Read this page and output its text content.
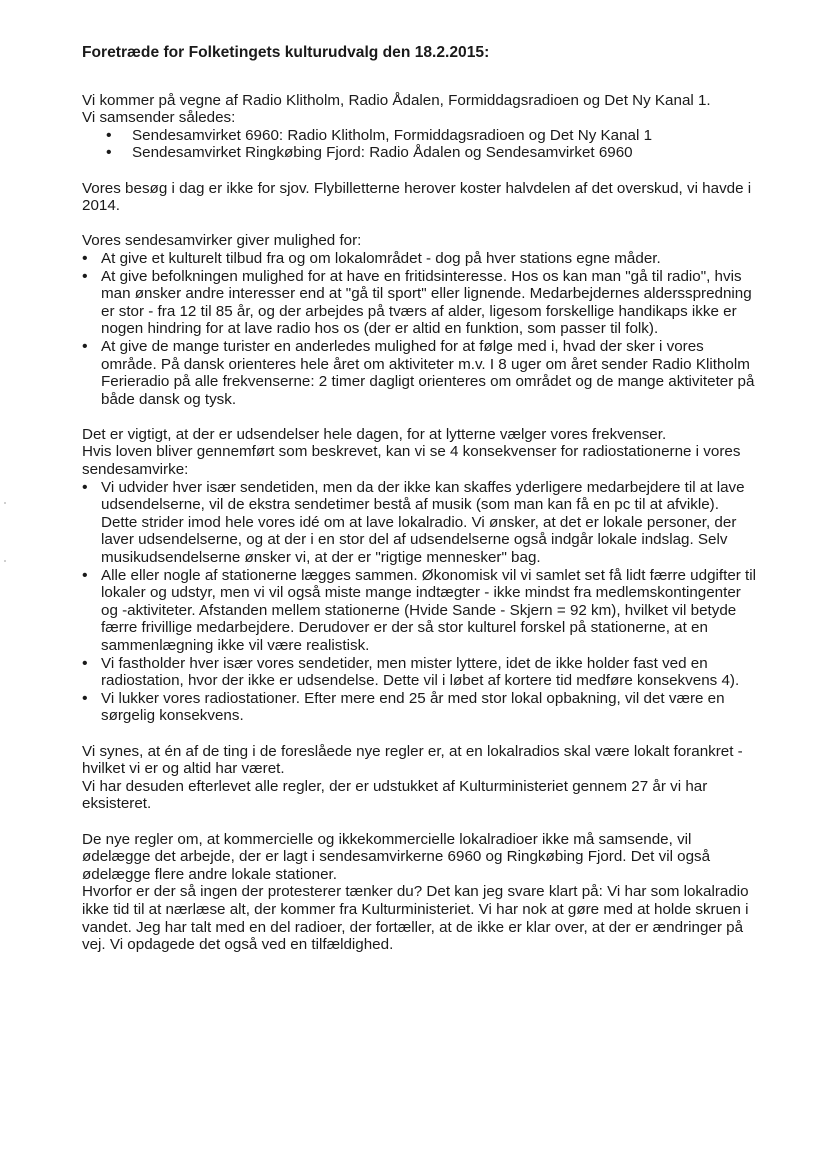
Foretræde for Folketingets kulturudvalg den 18.2.2015:

Vi kommer på vegne af Radio Klitholm, Radio Ådalen, Formiddagsradioen og Det Ny Kanal 1.

Vi samsender således:

• Sendesamvirket 6960: Radio Klitholm, Formiddagsradioen og Det Ny Kanal 1
• Sendesamvirket Ringkøbing Fjord: Radio Ådalen og Sendesamvirket 6960

Vores besøg i dag er ikke for sjov. Flybilletterne herover koster halvdelen af det overskud, vi havde i 2014.

Vores sendesamvirker giver mulighed for:

• At give et kulturelt tilbud fra og om lokalområdet - dog på hver stations egne måder.
• At give befolkningen mulighed for at have en fritidsinteresse. Hos os kan man "gå til radio", hvis man ønsker andre interesser end at "gå til sport" eller lignende. Medarbejdernes aldersspredning er stor - fra 12 til 85 år, og der arbejdes på tværs af alder, ligesom forskellige handikaps ikke er nogen hindring for at lave radio hos os (der er altid en funktion, som passer til folk).
• At give de mange turister en anderledes mulighed for at følge med i, hvad der sker i vores område. På dansk orienteres hele året om aktiviteter m.v. I 8 uger om året sender Radio Klitholm Ferieradio på alle frekvenserne: 2 timer dagligt orienteres om området og de mange aktiviteter på både dansk og tysk.

Det er vigtigt, at der er udsendelser hele dagen, for at lytterne vælger vores frekvenser.

Hvis loven bliver gennemført som beskrevet, kan vi se 4 konsekvenser for radiostationerne i vores sendesamvirke:

• Vi udvider hver især sendetiden, men da der ikke kan skaffes yderligere medarbejdere til at lave udsendelserne, vil de ekstra sendetimer bestå af musik (som man kan få en pc til at afvikle). Dette strider imod hele vores idé om at lave lokalradio. Vi ønsker, at det er lokale personer, der laver udsendelserne, og at der i en stor del af udsendelserne også indgår lokale indslag. Selv musikudsendelserne ønsker vi, at der er "rigtige mennesker" bag.
• Alle eller nogle af stationerne lægges sammen. Økonomisk vil vi samlet set få lidt færre udgifter til lokaler og udstyr, men vi vil også miste mange indtægter - ikke mindst fra medlemskontingenter og -aktiviteter. Afstanden mellem stationerne (Hvide Sande - Skjern = 92 km), hvilket vil betyde færre frivillige medarbejdere. Derudover er der så stor kulturel forskel på stationerne, at en sammenlægning ikke vil være realistisk.
• Vi fastholder hver især vores sendetider, men mister lyttere, idet de ikke holder fast ved en radiostation, hvor der ikke er udsendelse. Dette vil i løbet af kortere tid medføre konsekvens 4).
• Vi lukker vores radiostationer. Efter mere end 25 år med stor lokal opbakning, vil det være en sørgelig konsekvens.

Vi synes, at én af de ting i de foreslåede nye regler er, at en lokalradios skal være lokalt forankret - hvilket vi er og altid har været.

Vi har desuden efterlevet alle regler, der er udstukket af Kulturministeriet gennem 27 år vi har eksisteret.

De nye regler om, at kommercielle og ikkekommercielle lokalradioer ikke må samsende, vil ødelægge det arbejde, der er lagt i sendesamvirkerne 6960 og Ringkøbing Fjord. Det vil også ødelægge flere andre lokale stationer.

Hvorfor er der så ingen der protesterer tænker du? Det kan jeg svare klart på: Vi har som lokalradio ikke tid til at nærlæse alt, der kommer fra Kulturministeriet. Vi har nok at gøre med at holde skruen i vandet. Jeg har talt med en del radioer, der fortæller, at de ikke er klar over, at der er ændringer på vej. Vi opdagede det også ved en tilfældighed.
